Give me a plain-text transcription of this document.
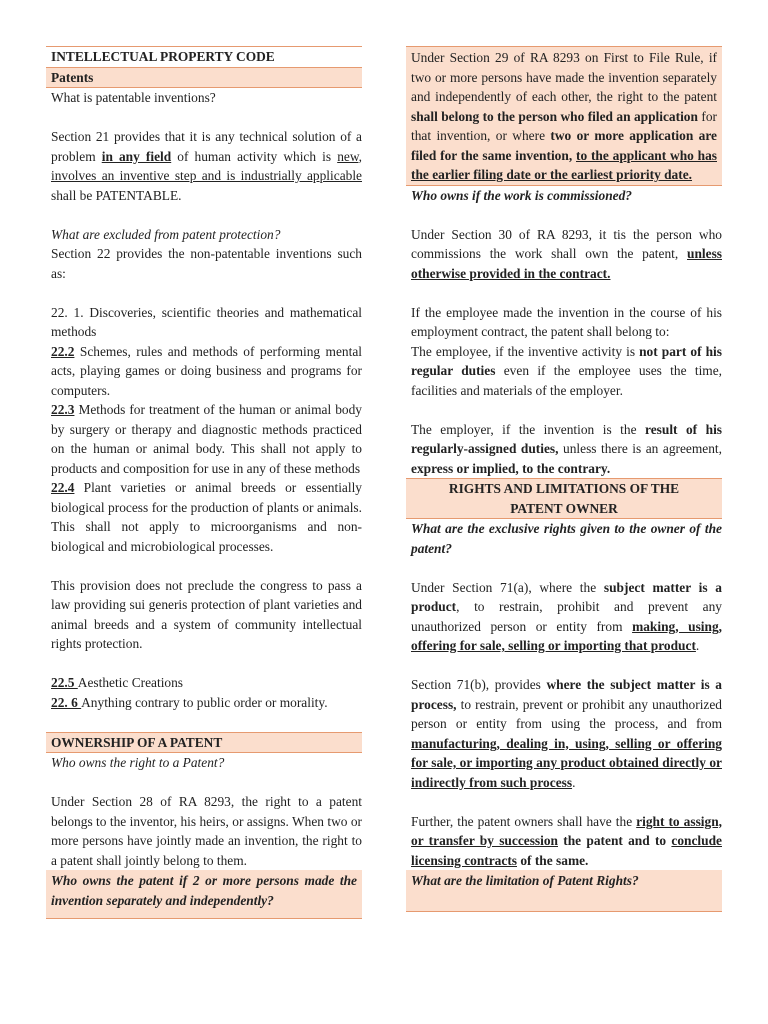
INTELLECTUAL PROPERTY CODE
Patents

What is patentable inventions?

Section 21 provides that it is any technical solution of a problem in any field of human activity which is new, involves an inventive step and is industrially applicable shall be PATENTABLE.

What are excluded from patent protection?

Section 22 provides the non-patentable inventions such as:

22. 1. Discoveries, scientific theories and mathematical methods

22.2 Schemes, rules and methods of performing mental acts, playing games or doing business and programs for computers.

22.3 Methods for treatment of the human or animal body by surgery or therapy and diagnostic methods practiced on the human or animal body. This shall not apply to products and composition for use in any of these methods

22.4 Plant varieties or animal breeds or essentially biological process for the production of plants or animals. This shall not apply to microorganisms and non-biological and microbiological processes.

This provision does not preclude the congress to pass a law providing sui generis protection of plant varieties and animal breeds and a system of community intellectual rights protection.

22.5 Aesthetic Creations

22. 6 Anything contrary to public order or morality.

OWNERSHIP OF A PATENT

Who owns the right to a Patent?

Under Section 28 of RA 8293, the right to a patent belongs to the inventor, his heirs, or assigns. When two or more persons have jointly made an invention, the right to a patent shall jointly belong to them.

Who owns the patent if 2 or more persons made the invention separately and independently?

Under Section 29 of RA 8293 on First to File Rule, if two or more persons have made the invention separately and independently of each other, the right to the patent shall belong to the person who filed an application for that invention, or where two or more application are filed for the same invention, to the applicant who has the earlier filing date or the earliest priority date.

Who owns if the work is commissioned?

Under Section 30 of RA 8293, it tis the person who commissions the work shall own the patent, unless otherwise provided in the contract.

If the employee made the invention in the course of his employment contract, the patent shall belong to:

The employee, if the inventive activity is not part of his regular duties even if the employee uses the time, facilities and materials of the employer.

The employer, if the invention is the result of his regularly-assigned duties, unless there is an agreement, express or implied, to the contrary.

RIGHTS AND LIMITATIONS OF THE PATENT OWNER

What are the exclusive rights given to the owner of the patent?

Under Section 71(a), where the subject matter is a product, to restrain, prohibit and prevent any unauthorized person or entity from making, using, offering for sale, selling or importing that product.

Section 71(b), provides where the subject matter is a process, to restrain, prevent or prohibit any unauthorized person or entity from using the process, and from manufacturing, dealing in, using, selling or offering for sale, or importing any product obtained directly or indirectly from such process.

Further, the patent owners shall have the right to assign, or transfer by succession the patent and to conclude licensing contracts of the same.

What are the limitation of Patent Rights?
